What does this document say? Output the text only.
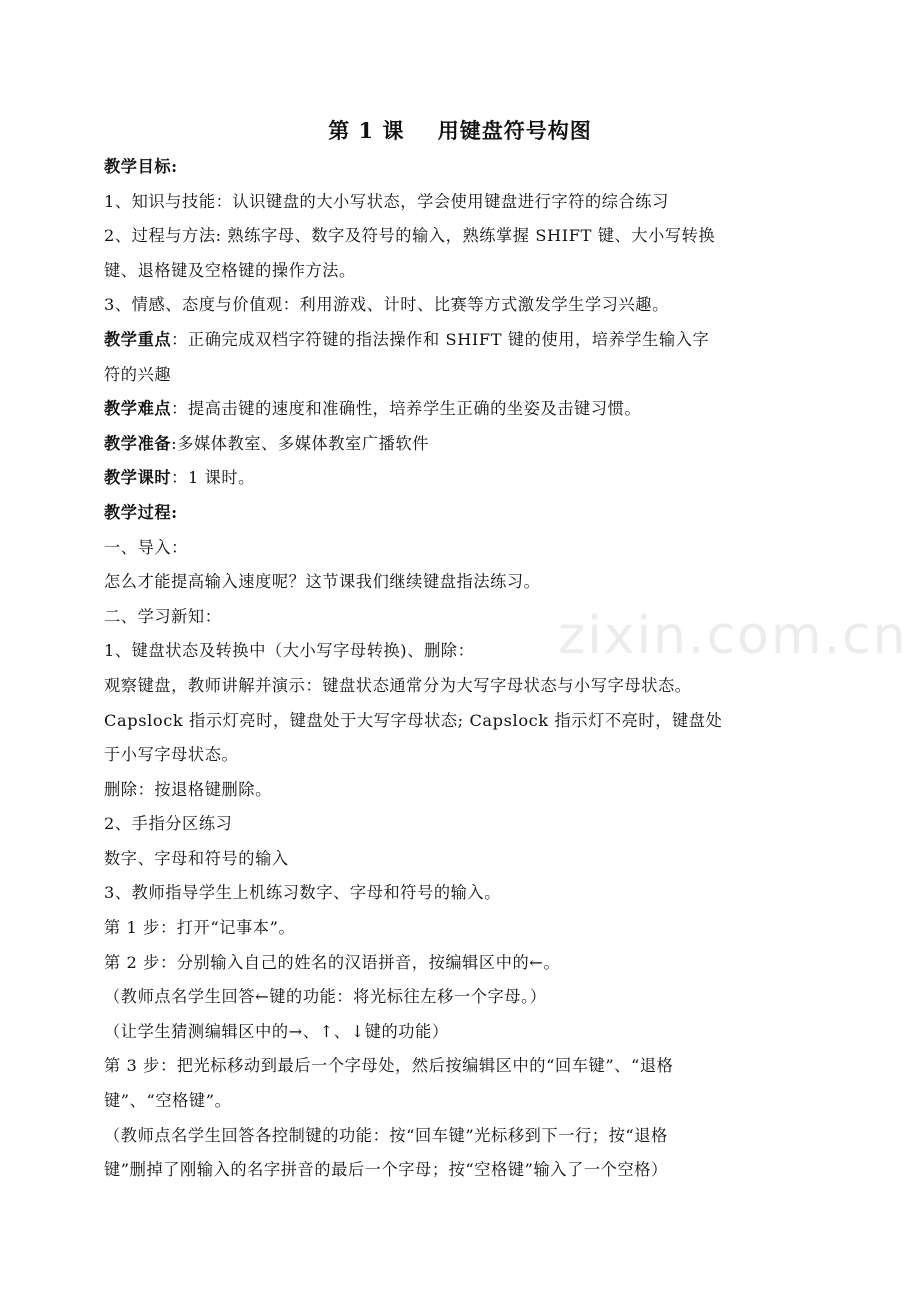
第 1 课    用键盘符号构图
教学目标:
1、知识与技能：认识键盘的大小写状态，学会使用键盘进行字符的综合练习
2、过程与方法: 熟练字母、数字及符号的输入，熟练掌握 SHIFT 键、大小写转换
键、退格键及空格键的操作方法。
3、情感、态度与价值观：利用游戏、计时、比赛等方式激发学生学习兴趣。
教学重点：正确完成双档字符键的指法操作和 SHIFT 键的使用，培养学生输入字
符的兴趣
教学难点：提高击键的速度和准确性，培养学生正确的坐姿及击键习惯。
教学准备:多媒体教室、多媒体教室广播软件
教学课时：1 课时。
教学过程:
一、导入：
怎么才能提高输入速度呢？这节课我们继续键盘指法练习。
二、学习新知：
1、键盘状态及转换中（大小写字母转换)、删除：
观察键盘，教师讲解并演示：键盘状态通常分为大写字母状态与小写字母状态。
Capslock 指示灯亮时，键盘处于大写字母状态; Capslock 指示灯不亮时，键盘处
于小写字母状态。
删除：按退格键删除。
2、手指分区练习
数字、字母和符号的输入
3、教师指导学生上机练习数字、字母和符号的输入。
第 1 步：打开“记事本”。
第 2 步：分别输入自己的姓名的汉语拼音，按编辑区中的←。
（教师点名学生回答←键的功能：将光标往左移一个字母。）
（让学生猜测编辑区中的→、↑、↓键的功能）
第 3 步：把光标移动到最后一个字母处，然后按编辑区中的“回车键”、“退格
键”、“空格键”。
（教师点名学生回答各控制键的功能：按“回车键”光标移到下一行；按“退格
键”删掉了刚输入的名字拼音的最后一个字母；按“空格键”输入了一个空格）
zixin.com.cn
